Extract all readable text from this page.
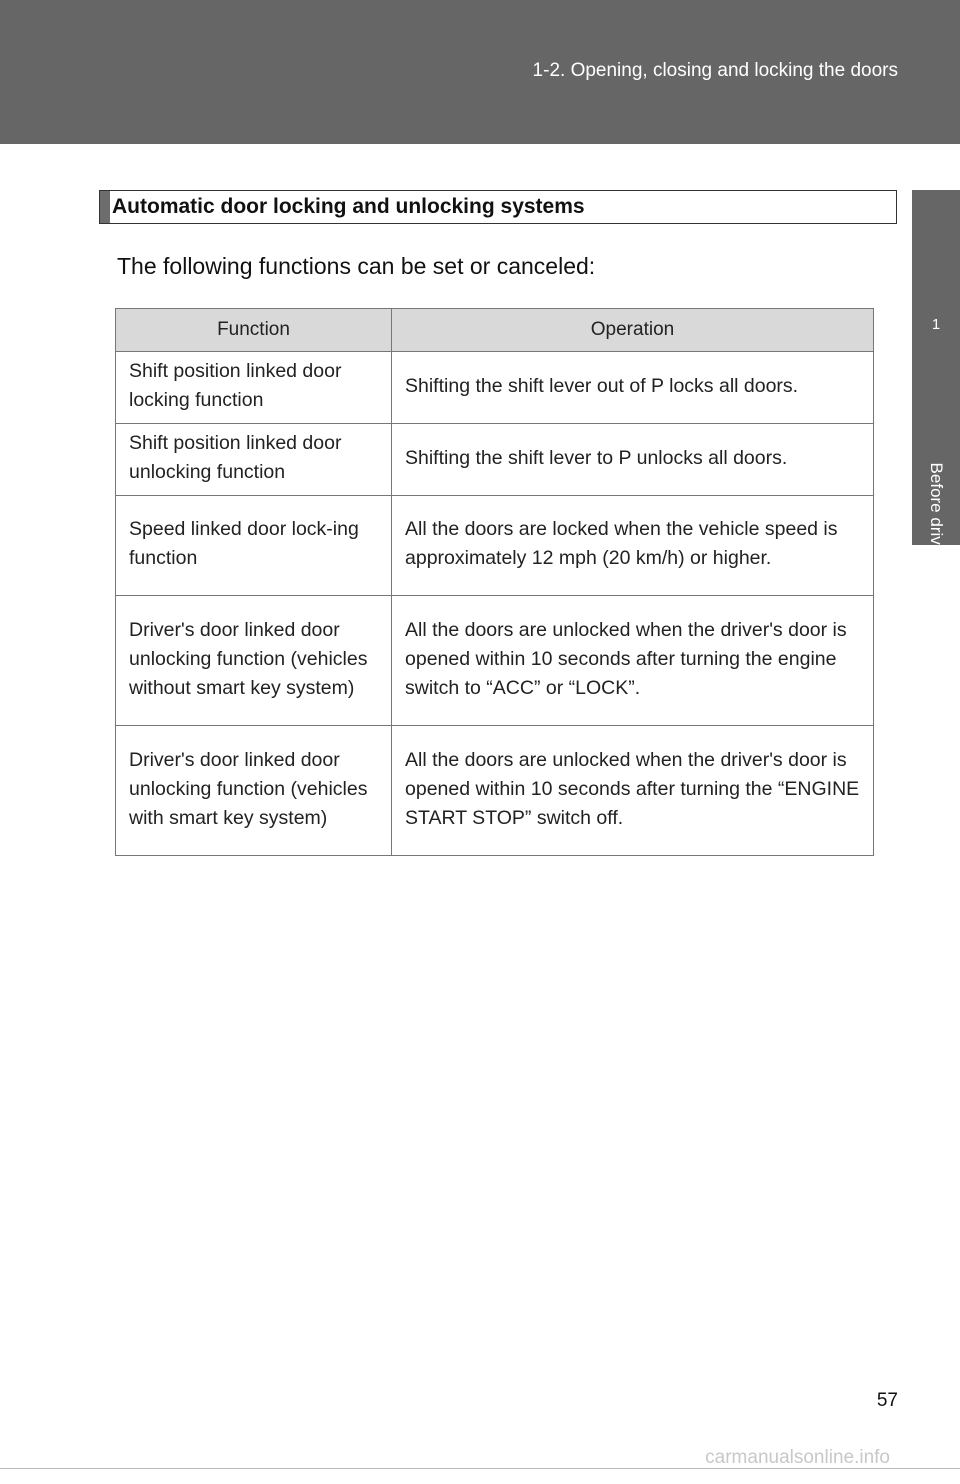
1-2. Opening, closing and locking the doors
1
Before driving
Automatic door locking and unlocking systems
The following functions can be set or canceled:
Function	Operation
Shift position linked door locking function	Shifting the shift lever out of P locks all doors.
Shift position linked door unlocking function	Shifting the shift lever to P unlocks all doors.
Speed linked door lock-ing function	All the doors are locked when the vehicle speed is approximately 12 mph (20 km/h) or higher.
Driver's door linked door unlocking function (vehicles without smart key system)	All the doors are unlocked when the driver's door is opened within 10 seconds after turning the engine switch to “ACC” or “LOCK”.
Driver's door linked door unlocking function (vehicles with smart key system)	All the doors are unlocked when the driver's door is opened within 10 seconds after turning the “ENGINE START STOP” switch off.
57
carmanualsonline.info
